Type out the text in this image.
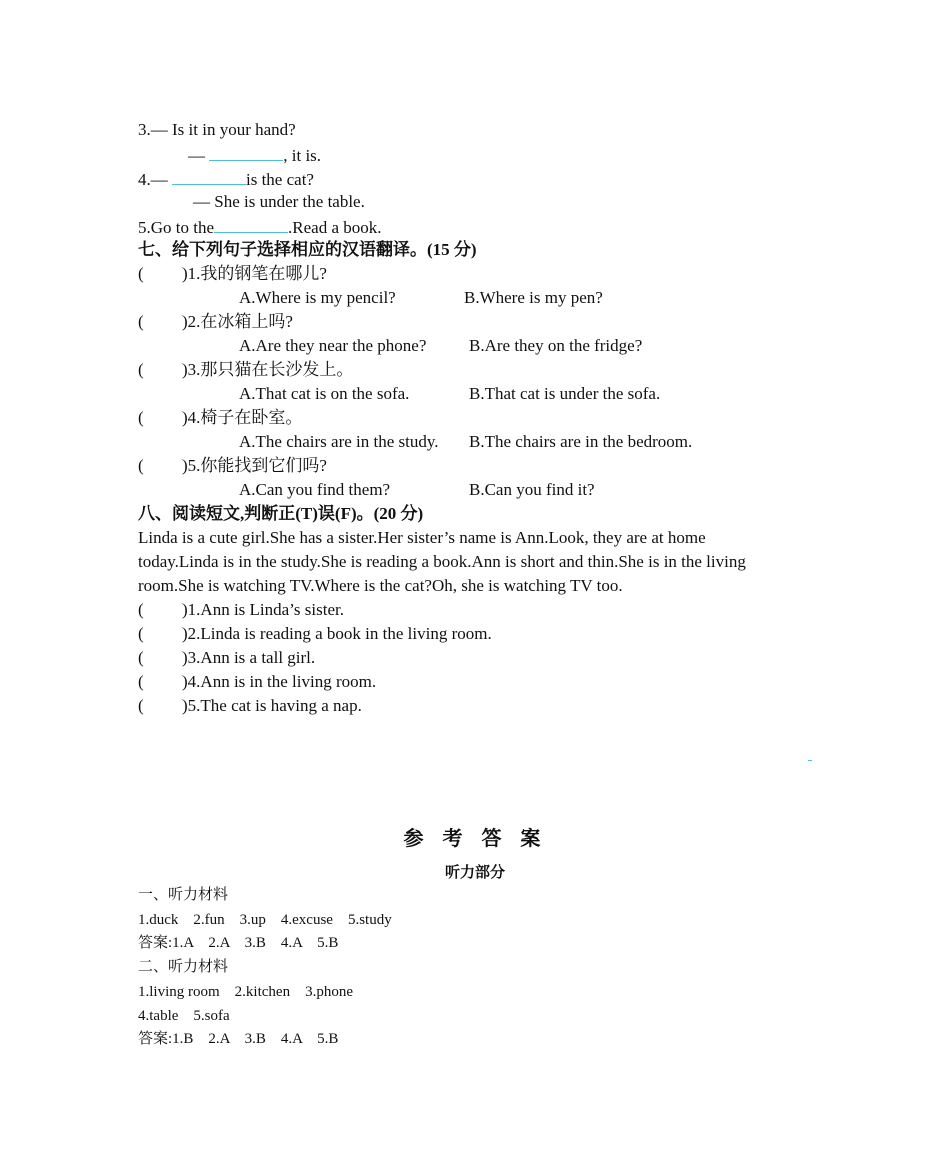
3.— Is it in your hand?
—	, it is.
4.—	is the cat?
— She is under the table.
5.Go to the	.Read a book.
七、给下列句子选择相应的汉语翻译。(15 分)
( )1.我的钢笔在哪儿?
A.Where is my pencil?	B.Where is my pen?
( )2.在冰箱上吗?
A.Are they near the phone?	B.Are they on the fridge?
( )3.那只猫在长沙发上。
A.That cat is on the sofa.	B.That cat is under the sofa.
( )4.椅子在卧室。
A.The chairs are in the study. B.The chairs are in the bedroom.
( )5.你能找到它们吗?
A.Can you find them?	B.Can you find it?
八、阅读短文,判断正(T)误(F)。(20 分)
Linda is a cute girl.She has a sister.Her sister’s name is Ann.Look, they are at home
today.Linda is in the study.She is reading a book.Ann is short and thin.She is in the living
room.She is watching TV.Where is the cat?Oh, she is watching TV too.
( )1.Ann is Linda’s sister.
( )2.Linda is reading a book in the living room.
( )3.Ann is a tall girl.
( )4.Ann is in the living room.
( )5.The cat is having a nap.
参 考 答 案
听力部分
一、听力材料
1.duck    2.fun    3.up    4.excuse    5.study
答案:1.A    2.A    3.B    4.A    5.B
二、听力材料
1.living room    2.kitchen    3.phone
4.table    5.sofa
答案:1.B    2.A    3.B    4.A    5.B
